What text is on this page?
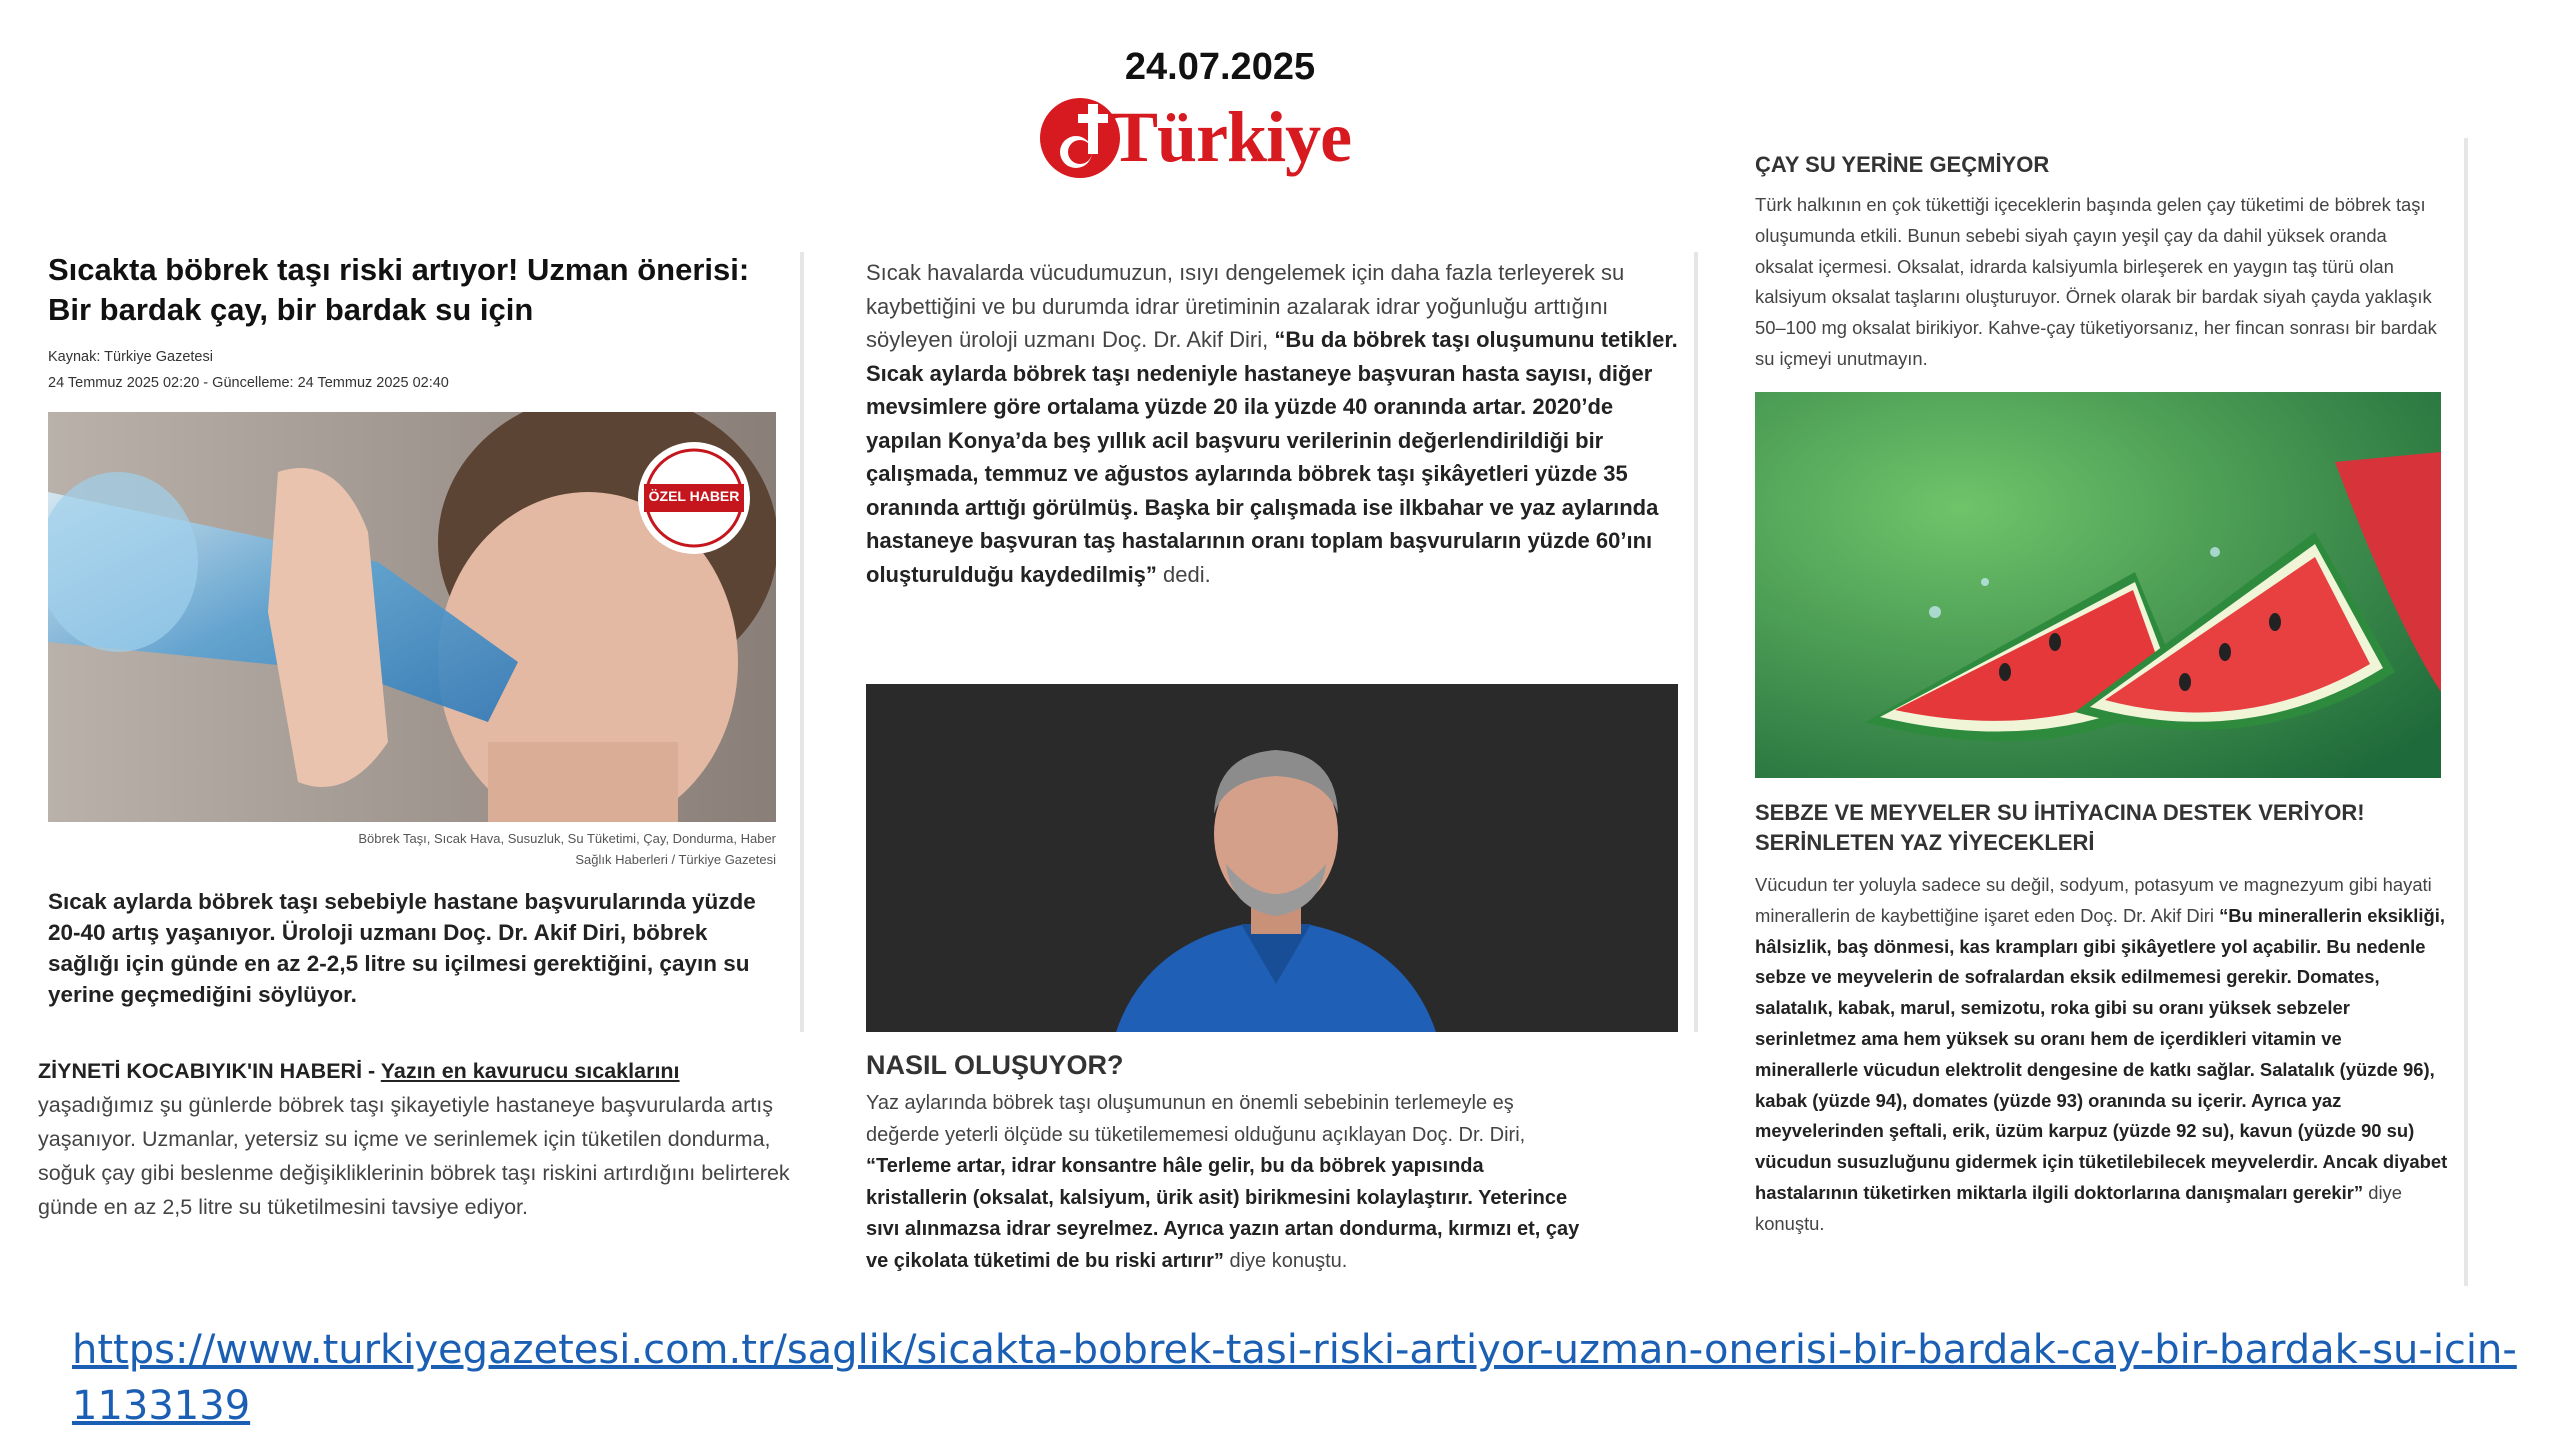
24.07.2025
Türkiye
Sıcakta böbrek taşı riski artıyor! Uzman önerisi: Bir bardak çay, bir bardak su için
Kaynak: Türkiye Gazetesi
24 Temmuz 2025 02:20 - Güncelleme: 24 Temmuz 2025 02:40
ÖZEL HABER
Böbrek Taşı, Sıcak Hava, Susuzluk, Su Tüketimi, Çay, Dondurma, Haber
Sağlık Haberleri / Türkiye Gazetesi
Sıcak aylarda böbrek taşı sebebiyle hastane başvurularında yüzde 20-40 artış yaşanıyor. Üroloji uzmanı Doç. Dr. Akif Diri, böbrek sağlığı için günde en az 2-2,5 litre su içilmesi gerektiğini, çayın su yerine geçmediğini söylüyor.
ZİYNETİ KOCABIYIK'IN HABERİ - Yazın en kavurucu sıcaklarını yaşadığımız şu günlerde böbrek taşı şikayetiyle hastaneye başvurularda artış yaşanıyor. Uzmanlar, yetersiz su içme ve serinlemek için tüketilen dondurma, soğuk çay gibi beslenme değişikliklerinin böbrek taşı riskini artırdığını belirterek günde en az 2,5 litre su tüketilmesini tavsiye ediyor.
Sıcak havalarda vücudumuzun, ısıyı dengelemek için daha fazla terleyerek su kaybettiğini ve bu durumda idrar üretiminin azalarak idrar yoğunluğu arttığını söyleyen üroloji uzmanı Doç. Dr. Akif Diri, “Bu da böbrek taşı oluşumunu tetikler. Sıcak aylarda böbrek taşı nedeniyle hastaneye başvuran hasta sayısı, diğer mevsimlere göre ortalama yüzde 20 ila yüzde 40 oranında artar. 2020’de yapılan Konya’da beş yıllık acil başvuru verilerinin değerlendirildiği bir çalışmada, temmuz ve ağustos aylarında böbrek taşı şikâyetleri yüzde 35 oranında arttığı görülmüş. Başka bir çalışmada ise ilkbahar ve yaz aylarında hastaneye başvuran taş hastalarının oranı toplam başvuruların yüzde 60’ını oluşturulduğu kaydedilmiş” dedi.
NASIL OLUŞUYOR?
Yaz aylarında böbrek taşı oluşumunun en önemli sebebinin terlemeyle eş değerde yeterli ölçüde su tüketilememesi olduğunu açıklayan Doç. Dr. Diri, “Terleme artar, idrar konsantre hâle gelir, bu da böbrek yapısında kristallerin (oksalat, kalsiyum, ürik asit) birikmesini kolaylaştırır. Yeterince sıvı alınmazsa idrar seyrelmez. Ayrıca yazın artan dondurma, kırmızı et, çay ve çikolata tüketimi de bu riski artırır” diye konuştu.
ÇAY SU YERİNE GEÇMİYOR
Türk halkının en çok tükettiği içeceklerin başında gelen çay tüketimi de böbrek taşı oluşumunda etkili. Bunun sebebi siyah çayın yeşil çay da dahil yüksek oranda oksalat içermesi. Oksalat, idrarda kalsiyumla birleşerek en yaygın taş türü olan kalsiyum oksalat taşlarını oluşturuyor. Örnek olarak bir bardak siyah çayda yaklaşık 50–100 mg oksalat birikiyor. Kahve-çay tüketiyorsanız, her fincan sonrası bir bardak su içmeyi unutmayın.
SEBZE VE MEYVELER SU İHTİYACINA DESTEK VERİYOR! SERİNLETEN YAZ YİYECEKLERİ
Vücudun ter yoluyla sadece su değil, sodyum, potasyum ve magnezyum gibi hayati minerallerin de kaybettiğine işaret eden Doç. Dr. Akif Diri “Bu minerallerin eksikliği, hâlsizlik, baş dönmesi, kas krampları gibi şikâyetlere yol açabilir. Bu nedenle sebze ve meyvelerin de sofralardan eksik edilmemesi gerekir. Domates, salatalık, kabak, marul, semizotu, roka gibi su oranı yüksek sebzeler serinletmez ama hem yüksek su oranı hem de içerdikleri vitamin ve minerallerle vücudun elektrolit dengesine de katkı sağlar. Salatalık (yüzde 96), kabak (yüzde 94), domates (yüzde 93) oranında su içerir. Ayrıca yaz meyvelerinden şeftali, erik, üzüm karpuz (yüzde 92 su), kavun (yüzde 90 su) vücudun susuzluğunu gidermek için tüketilebilecek meyvelerdir. Ancak diyabet hastalarının tüketirken miktarla ilgili doktorlarına danışmaları gerekir” diye konuştu.
https://www.turkiyegazetesi.com.tr/saglik/sicakta-bobrek-tasi-riski-artiyor-uzman-onerisi-bir-bardak-cay-bir-bardak-su-icin-1133139
